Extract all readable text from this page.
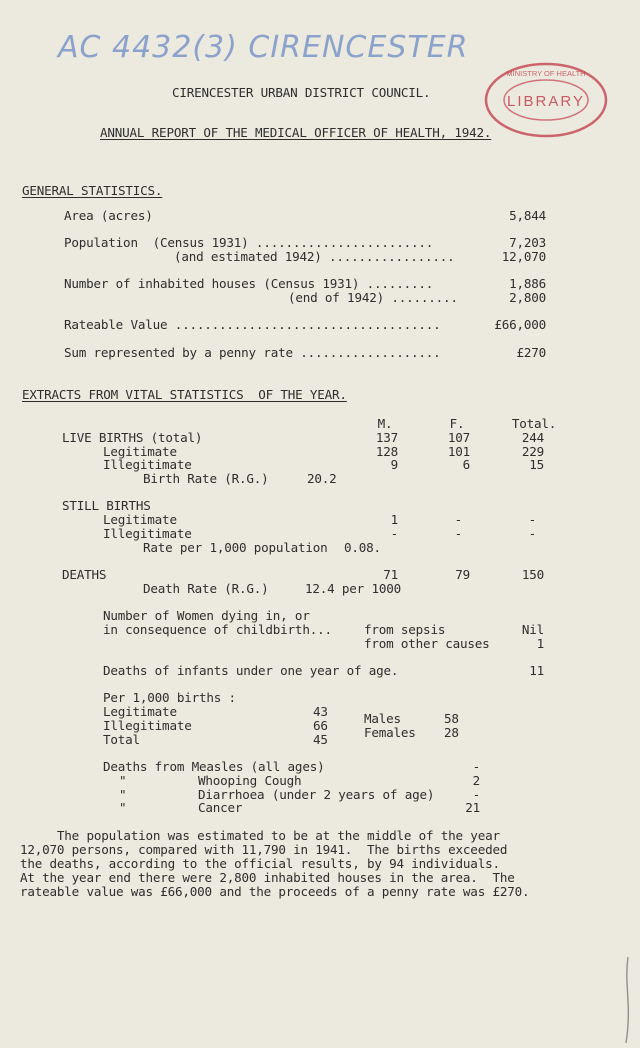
AC 4432(3) CIRENCESTER
LIBRARY
MINISTRY OF HEALTH
CIRENCESTER URBAN DISTRICT COUNCIL.
ANNUAL REPORT OF THE MEDICAL OFFICER OF HEALTH, 1942.
GENERAL STATISTICS.
Area (acres)	5,844
Population  (Census 1931) ........................	7,203
(and estimated 1942) .................	12,070
Number of inhabited houses (Census 1931) .........	1,886
(end of 1942) .........	2,800
Rateable Value ....................................	£66,000
Sum represented by a penny rate ...................	£270
EXTRACTS FROM VITAL STATISTICS  OF THE YEAR.
M.	F.	Total.
LIVE BIRTHS (total)	137	107	244
Legitimate	128	101	229
Illegitimate	9	6	15
Birth Rate (R.G.)	20.2
STILL BIRTHS
Legitimate	1	-	-
Illegitimate	-	-	-
Rate per 1,000 population 0.08.
DEATHS	71	79	150
Death Rate (R.G.)	12.4 per 1000
Number of Women dying in, or
in consequence of childbirth...	from sepsis	Nil
from other causes	1
Deaths of infants under one year of age.	11
Per 1,000 births :
Legitimate	43
Illegitimate	66
Total	45
Males	58
Females 28
Deaths from Measles (all ages)	-
"	Whooping Cough	2
"	Diarrhoea (under 2 years of age)	-
"	Cancer	21
The population was estimated to be at the middle of the year
12,070 persons, compared with 11,790 in 1941.  The births exceeded
the deaths, according to the official results, by 94 individuals.
At the year end there were 2,800 inhabited houses in the area.  The
rateable value was £66,000 and the proceeds of a penny rate was £270.
